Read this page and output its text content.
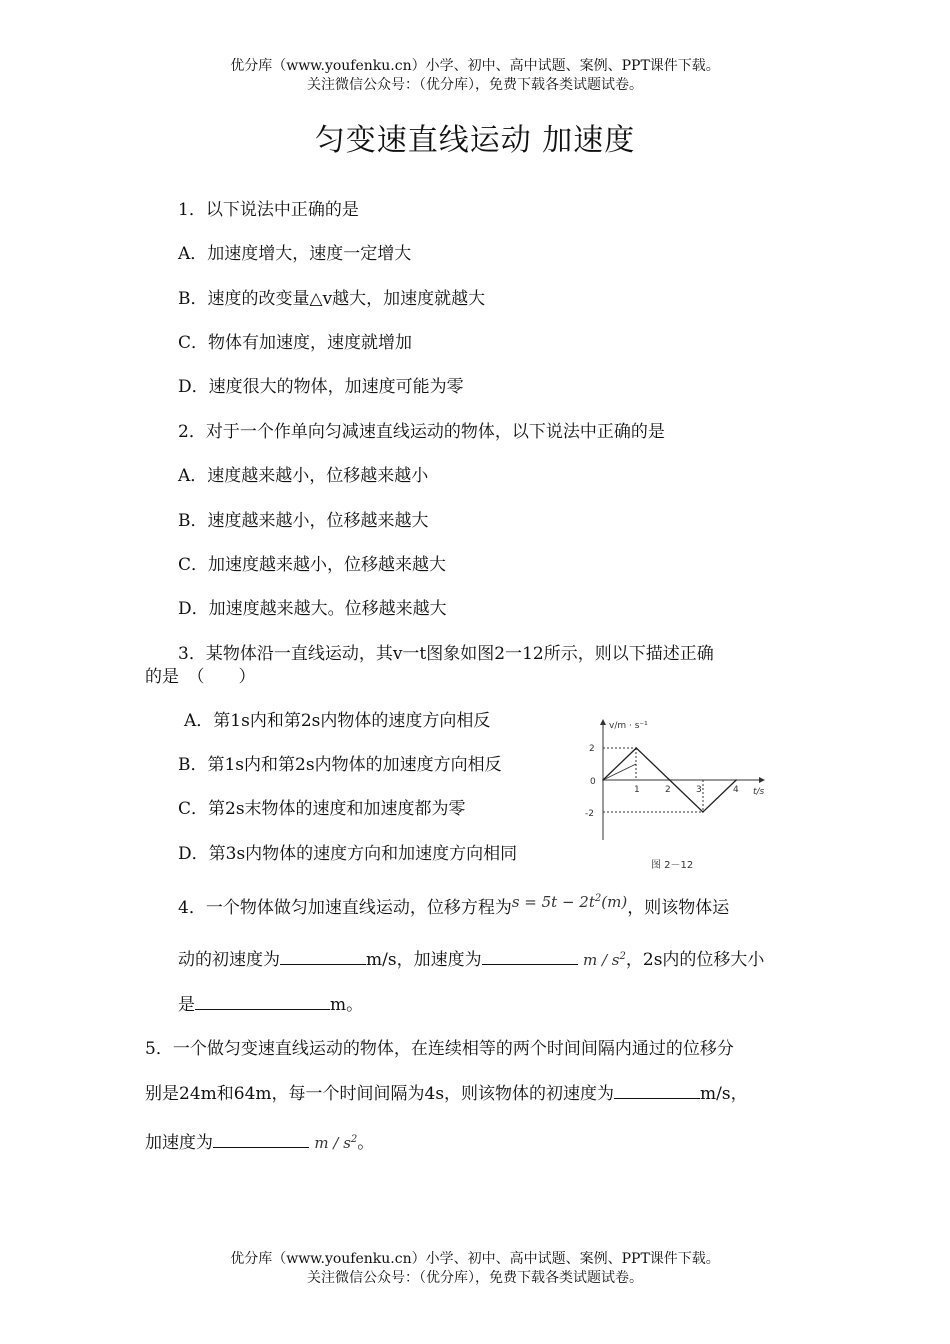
优分库（www.youfenku.cn）小学、初中、高中试题、案例、PPT课件下载。
关注微信公众号：（优分库），免费下载各类试题试卷。
匀变速直线运动 加速度
1．以下说法中正确的是
A．加速度增大，速度一定增大
B．速度的改变量△v越大，加速度就越大
C．物体有加速度，速度就增加
D．速度很大的物体，加速度可能为零
2．对于一个作单向匀减速直线运动的物体，以下说法中正确的是
A．速度越来越小，位移越来越小
B．速度越来越小，位移越来越大
C．加速度越来越小，位移越来越大
D．加速度越来越大。位移越来越大
3．某物体沿一直线运动，其v一t图象如图2一12所示，则以下描述正确
的是　（　　）
A．第1s内和第2s内物体的速度方向相反
B．第1s内和第2s内物体的加速度方向相反
C．第2s末物体的速度和加速度都为零
D．第3s内物体的速度方向和加速度方向相同
v/m · s⁻¹
t/s
2
0
-2
1	2	3	4
图 2－12
4．一个物体做匀加速直线运动，位移方程为$s = 5t - 2t^2(m)$，则该物体运
动的初速度为	m/s，加速度为	m / $s^2$，2s内的位移大小
是	m。
5．一个做匀变速直线运动的物体，在连续相等的两个时间间隔内通过的位移分
别是24m和64m，每一个时间间隔为4s，则该物体的初速度为	m/s，
加速度为	m / $s^2$。
优分库（www.youfenku.cn）小学、初中、高中试题、案例、PPT课件下载。
关注微信公众号：（优分库），免费下载各类试题试卷。
